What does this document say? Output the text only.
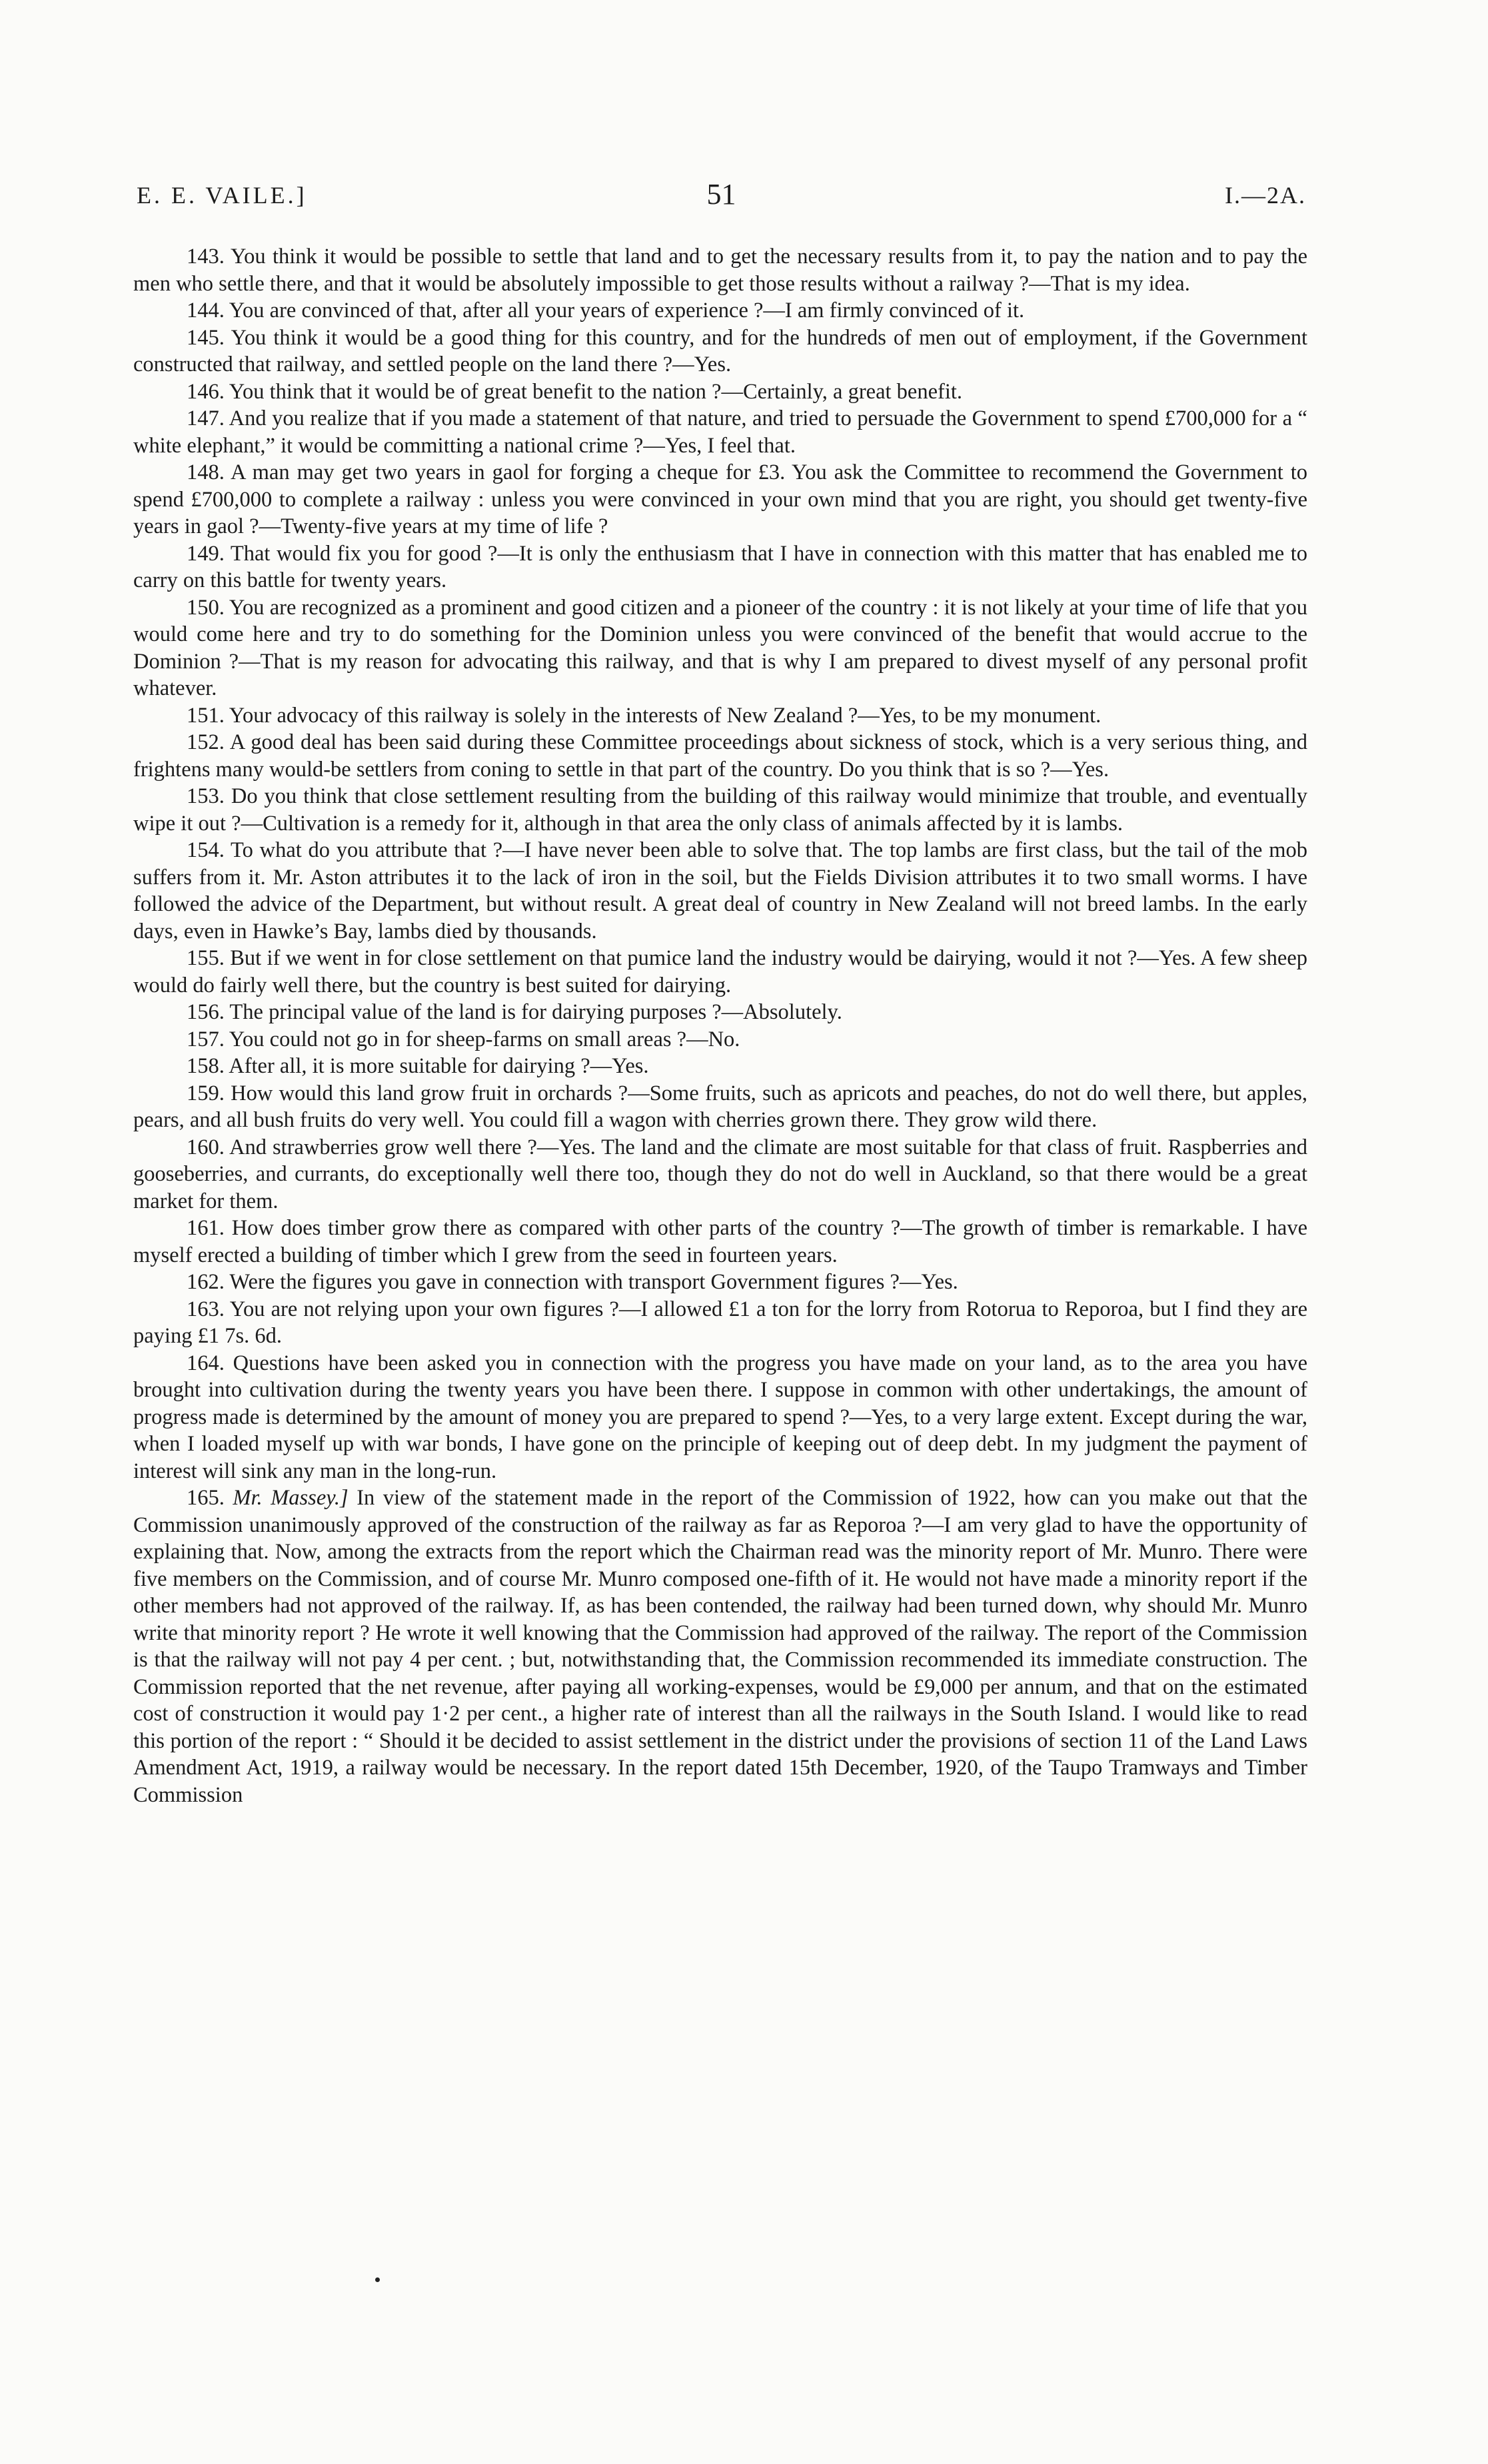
E. E. VAILE.]	51	I.—2A.

143. You think it would be possible to settle that land and to get the necessary results from it, to pay the nation and to pay the men who settle there, and that it would be absolutely impossible to get those results without a railway ?—That is my idea.

144. You are convinced of that, after all your years of experience ?—I am firmly convinced of it.

145. You think it would be a good thing for this country, and for the hundreds of men out of employment, if the Government constructed that railway, and settled people on the land there ?—Yes.

146. You think that it would be of great benefit to the nation ?—Certainly, a great benefit.

147. And you realize that if you made a statement of that nature, and tried to persuade the Government to spend £700,000 for a “ white elephant,” it would be committing a national crime ?—Yes, I feel that.

148. A man may get two years in gaol for forging a cheque for £3. You ask the Committee to recommend the Government to spend £700,000 to complete a railway : unless you were convinced in your own mind that you are right, you should get twenty-five years in gaol ?—Twenty-five years at my time of life ?

149. That would fix you for good ?—It is only the enthusiasm that I have in connection with this matter that has enabled me to carry on this battle for twenty years.

150. You are recognized as a prominent and good citizen and a pioneer of the country : it is not likely at your time of life that you would come here and try to do something for the Dominion unless you were convinced of the benefit that would accrue to the Dominion ?—That is my reason for advocating this railway, and that is why I am prepared to divest myself of any personal profit whatever.

151. Your advocacy of this railway is solely in the interests of New Zealand ?—Yes, to be my monument.

152. A good deal has been said during these Committee proceedings about sickness of stock, which is a very serious thing, and frightens many would-be settlers from coning to settle in that part of the country. Do you think that is so ?—Yes.

153. Do you think that close settlement resulting from the building of this railway would minimize that trouble, and eventually wipe it out ?—Cultivation is a remedy for it, although in that area the only class of animals affected by it is lambs.

154. To what do you attribute that ?—I have never been able to solve that. The top lambs are first class, but the tail of the mob suffers from it. Mr. Aston attributes it to the lack of iron in the soil, but the Fields Division attributes it to two small worms. I have followed the advice of the Department, but without result. A great deal of country in New Zealand will not breed lambs. In the early days, even in Hawke’s Bay, lambs died by thousands.

155. But if we went in for close settlement on that pumice land the industry would be dairying, would it not ?—Yes. A few sheep would do fairly well there, but the country is best suited for dairying.

156. The principal value of the land is for dairying purposes ?—Absolutely.

157. You could not go in for sheep-farms on small areas ?—No.

158. After all, it is more suitable for dairying ?—Yes.

159. How would this land grow fruit in orchards ?—Some fruits, such as apricots and peaches, do not do well there, but apples, pears, and all bush fruits do very well. You could fill a wagon with cherries grown there. They grow wild there.

160. And strawberries grow well there ?—Yes. The land and the climate are most suitable for that class of fruit. Raspberries and gooseberries, and currants, do exceptionally well there too, though they do not do well in Auckland, so that there would be a great market for them.

161. How does timber grow there as compared with other parts of the country ?—The growth of timber is remarkable. I have myself erected a building of timber which I grew from the seed in fourteen years.

162. Were the figures you gave in connection with transport Government figures ?—Yes.

163. You are not relying upon your own figures ?—I allowed £1 a ton for the lorry from Rotorua to Reporoa, but I find they are paying £1 7s. 6d.

164. Questions have been asked you in connection with the progress you have made on your land, as to the area you have brought into cultivation during the twenty years you have been there. I suppose in common with other undertakings, the amount of progress made is determined by the amount of money you are prepared to spend ?—Yes, to a very large extent. Except during the war, when I loaded myself up with war bonds, I have gone on the principle of keeping out of deep debt. In my judgment the payment of interest will sink any man in the long-run.

165. Mr. Massey.] In view of the statement made in the report of the Commission of 1922, how can you make out that the Commission unanimously approved of the construction of the railway as far as Reporoa ?—I am very glad to have the opportunity of explaining that. Now, among the extracts from the report which the Chairman read was the minority report of Mr. Munro. There were five members on the Commission, and of course Mr. Munro composed one-fifth of it. He would not have made a minority report if the other members had not approved of the railway. If, as has been contended, the railway had been turned down, why should Mr. Munro write that minority report ? He wrote it well knowing that the Commission had approved of the railway. The report of the Commission is that the railway will not pay 4 per cent. ; but, notwithstanding that, the Commission recommended its immediate construction. The Commission reported that the net revenue, after paying all working-expenses, would be £9,000 per annum, and that on the estimated cost of construction it would pay 1·2 per cent., a higher rate of interest than all the railways in the South Island. I would like to read this portion of the report : “ Should it be decided to assist settlement in the district under the provisions of section 11 of the Land Laws Amendment Act, 1919, a railway would be necessary. In the report dated 15th December, 1920, of the Taupo Tramways and Timber Commission
